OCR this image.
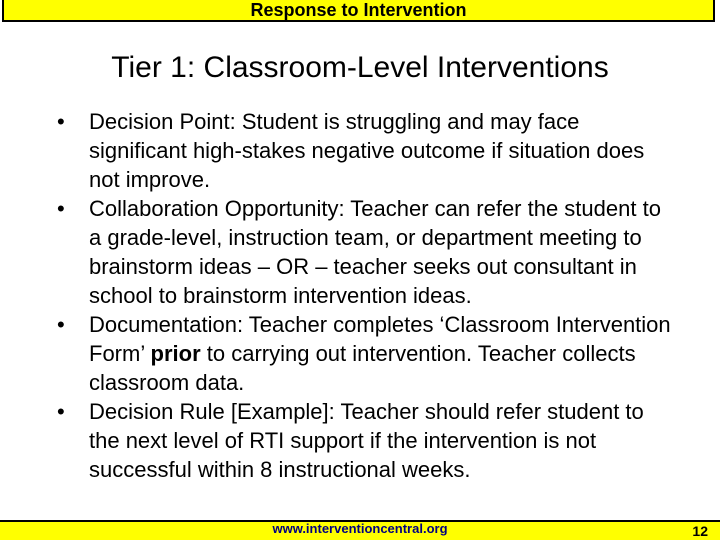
Response to Intervention
Tier 1: Classroom-Level Interventions
• Decision Point: Student is struggling and may face significant high-stakes negative outcome if situation does not improve.
• Collaboration Opportunity: Teacher can refer the student to a grade-level, instruction team, or department meeting to brainstorm ideas – OR – teacher seeks out consultant in school to brainstorm intervention ideas.
• Documentation: Teacher completes ‘Classroom Intervention Form’ prior to carrying out intervention. Teacher collects classroom data.
• Decision Rule [Example]: Teacher should refer student to the next level of RTI support if the intervention is not successful within 8 instructional weeks.
www.interventioncentral.org	12
